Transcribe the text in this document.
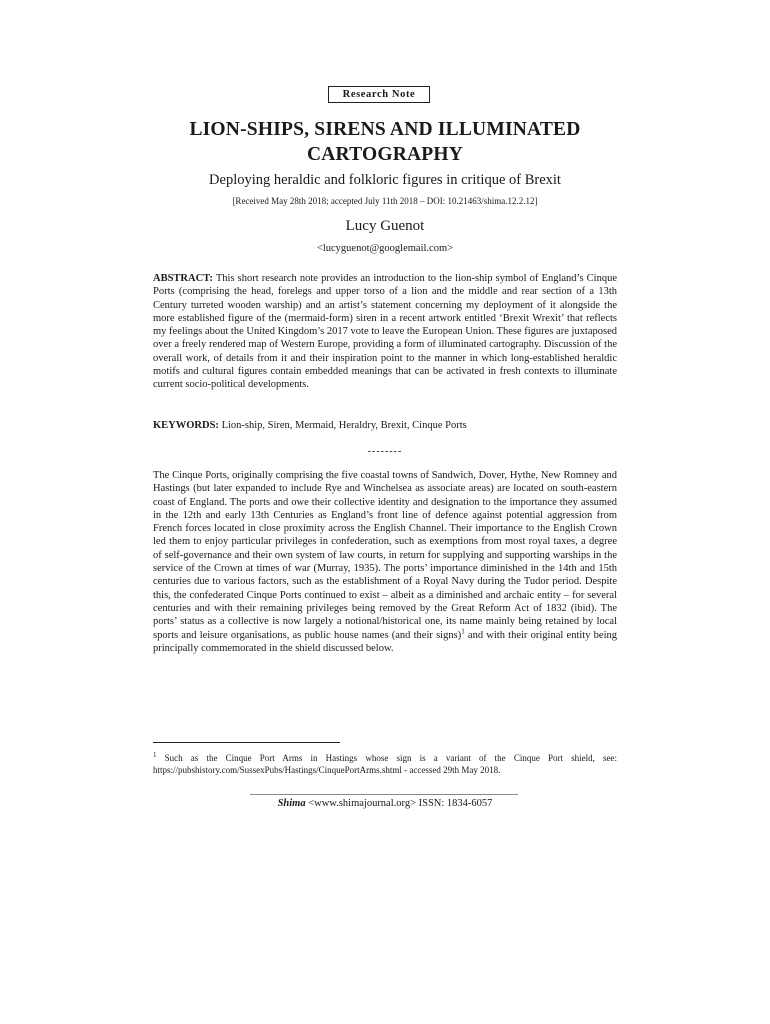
Research Note
LION-SHIPS, SIRENS AND ILLUMINATED
CARTOGRAPHY

Deploying heraldic and folkloric figures in critique of Brexit

[Received May 28th 2018; accepted July 11th 2018 – DOI: 10.21463/shima.12.2.12]

Lucy Guenot

<lucyguenot@googlemail.com>

ABSTRACT: This short research note provides an introduction to the lion-ship symbol of England’s Cinque Ports (comprising the head, forelegs and upper torso of a lion and the middle and rear section of a 13th Century turreted wooden warship) and an artist’s statement concerning my deployment of it alongside the more established figure of the (mermaid-form) siren in a recent artwork entitled ‘Brexit Wrexit’ that reflects my feelings about the United Kingdom’s 2017 vote to leave the European Union. These figures are juxtaposed over a freely rendered map of Western Europe, providing a form of illuminated cartography. Discussion of the overall work, of details from it and their inspiration point to the manner in which long-established heraldic motifs and cultural figures contain embedded meanings that can be activated in fresh contexts to illuminate current socio-political developments.

KEYWORDS: Lion-ship, Siren, Mermaid, Heraldry, Brexit, Cinque Ports

--------

The Cinque Ports, originally comprising the five coastal towns of Sandwich, Dover, Hythe, New Romney and Hastings (but later expanded to include Rye and Winchelsea as associate areas) are located on south-eastern coast of England. The ports and owe their collective identity and designation to the importance they assumed in the 12th and early 13th Centuries as England’s front line of defence against potential aggression from French forces located in close proximity across the English Channel. Their importance to the English Crown led them to enjoy particular privileges in confederation, such as exemptions from most royal taxes, a degree of self-governance and their own system of law courts, in return for supplying and supporting warships in the service of the Crown at times of war (Murray, 1935). The ports’ importance diminished in the 14th and 15th centuries due to various factors, such as the establishment of a Royal Navy during the Tudor period. Despite this, the confederated Cinque Ports continued to exist – albeit as a diminished and archaic entity – for several centuries and with their remaining privileges being removed by the Great Reform Act of 1832 (ibid). The ports’ status as a collective is now largely a notional/historical one, its name mainly being retained by local sports and leisure organisations, as public house names (and their signs)$^1$ and with their original entity being principally commemorated in the shield discussed below.

$^1$ Such as the Cinque Port Arms in Hastings whose sign is a variant of the Cinque Port shield, see: https://pubshistory.com/SussexPubs/Hastings/CinquePortArms.shtml - accessed 29th May 2018.

Shima <www.shimajournal.org> ISSN: 1834-6057
